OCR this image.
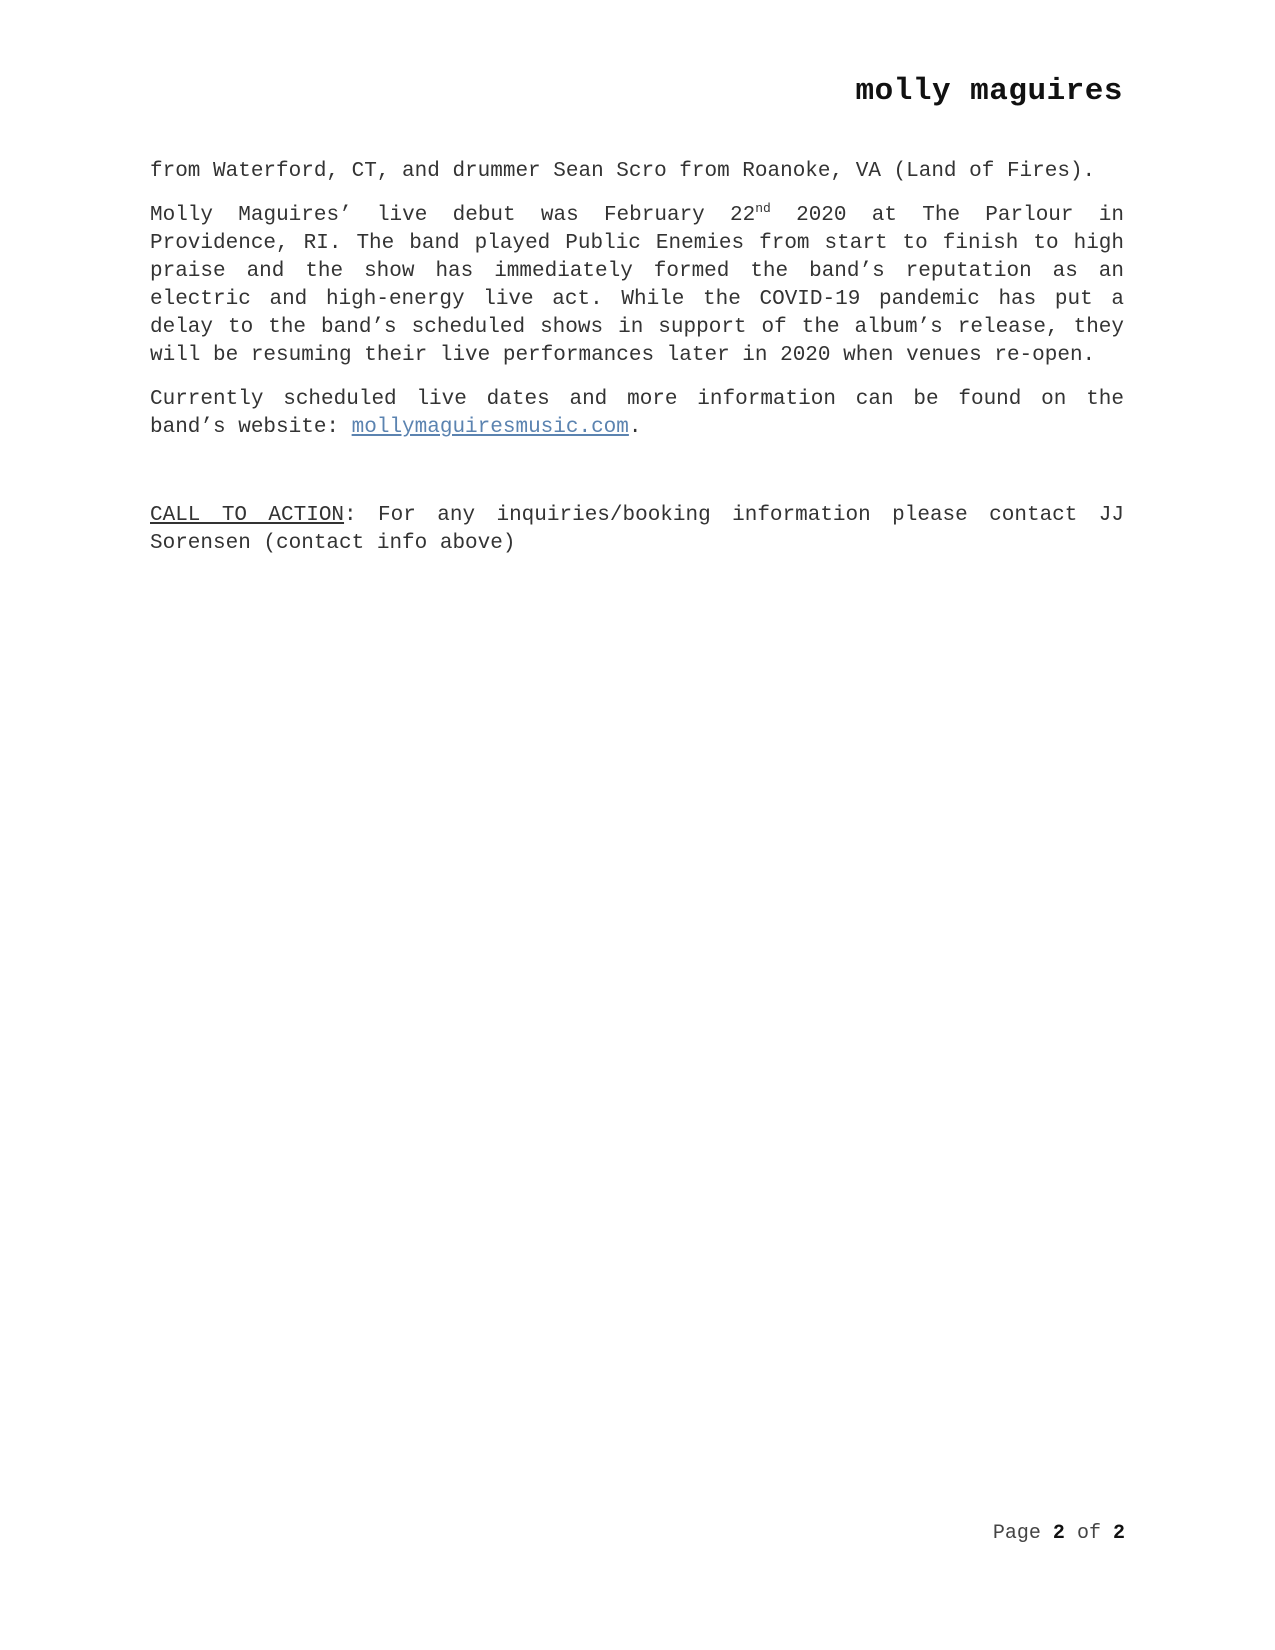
molly maguires

from Waterford, CT, and drummer Sean Scro from Roanoke, VA (Land of Fires).

Molly Maguires’ live debut was February 22nd 2020 at The Parlour in Providence, RI. The band played Public Enemies from start to finish to high praise and the show has immediately formed the band’s reputation as an electric and high-energy live act. While the COVID-19 pandemic has put a delay to the band’s scheduled shows in support of the album’s release, they will be resuming their live performances later in 2020 when venues re-open.

Currently scheduled live dates and more information can be found on the band’s website: mollymaguiresmusic.com.

CALL TO ACTION: For any inquiries/booking information please contact JJ Sorensen (contact info above)

Page 2 of 2
